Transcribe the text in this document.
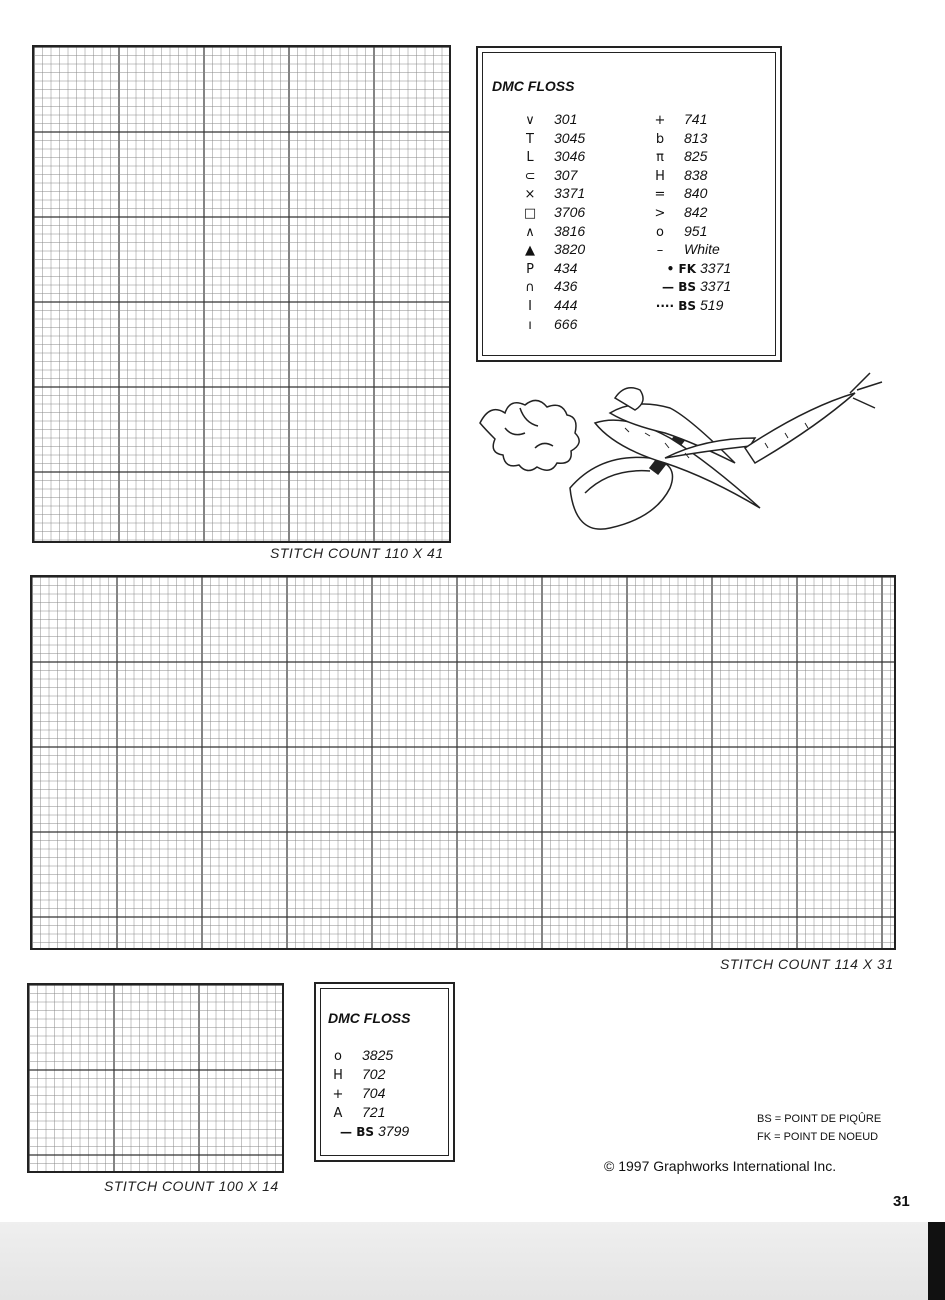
STITCH COUNT 110 X 41
DMC FLOSS
∨ 301
T 3045
L 3046
⊂ 307
× 3371
□ 3706
∧ 3816
▲ 3820
P 434
∩ 436
I 444
ı 666
+ 741
b 813
π 825
H 838
= 840
> 842
o 951
– White
• FK 3371
— BS 3371
···· BS 519
STITCH COUNT 114 X 31
STITCH COUNT 100 X 14
DMC FLOSS
o 3825
H 702
+ 704
A 721
— BS 3799
BS = POINT DE PIQÛRE
FK = POINT DE NOEUD
© 1997 Graphworks International Inc.
31
